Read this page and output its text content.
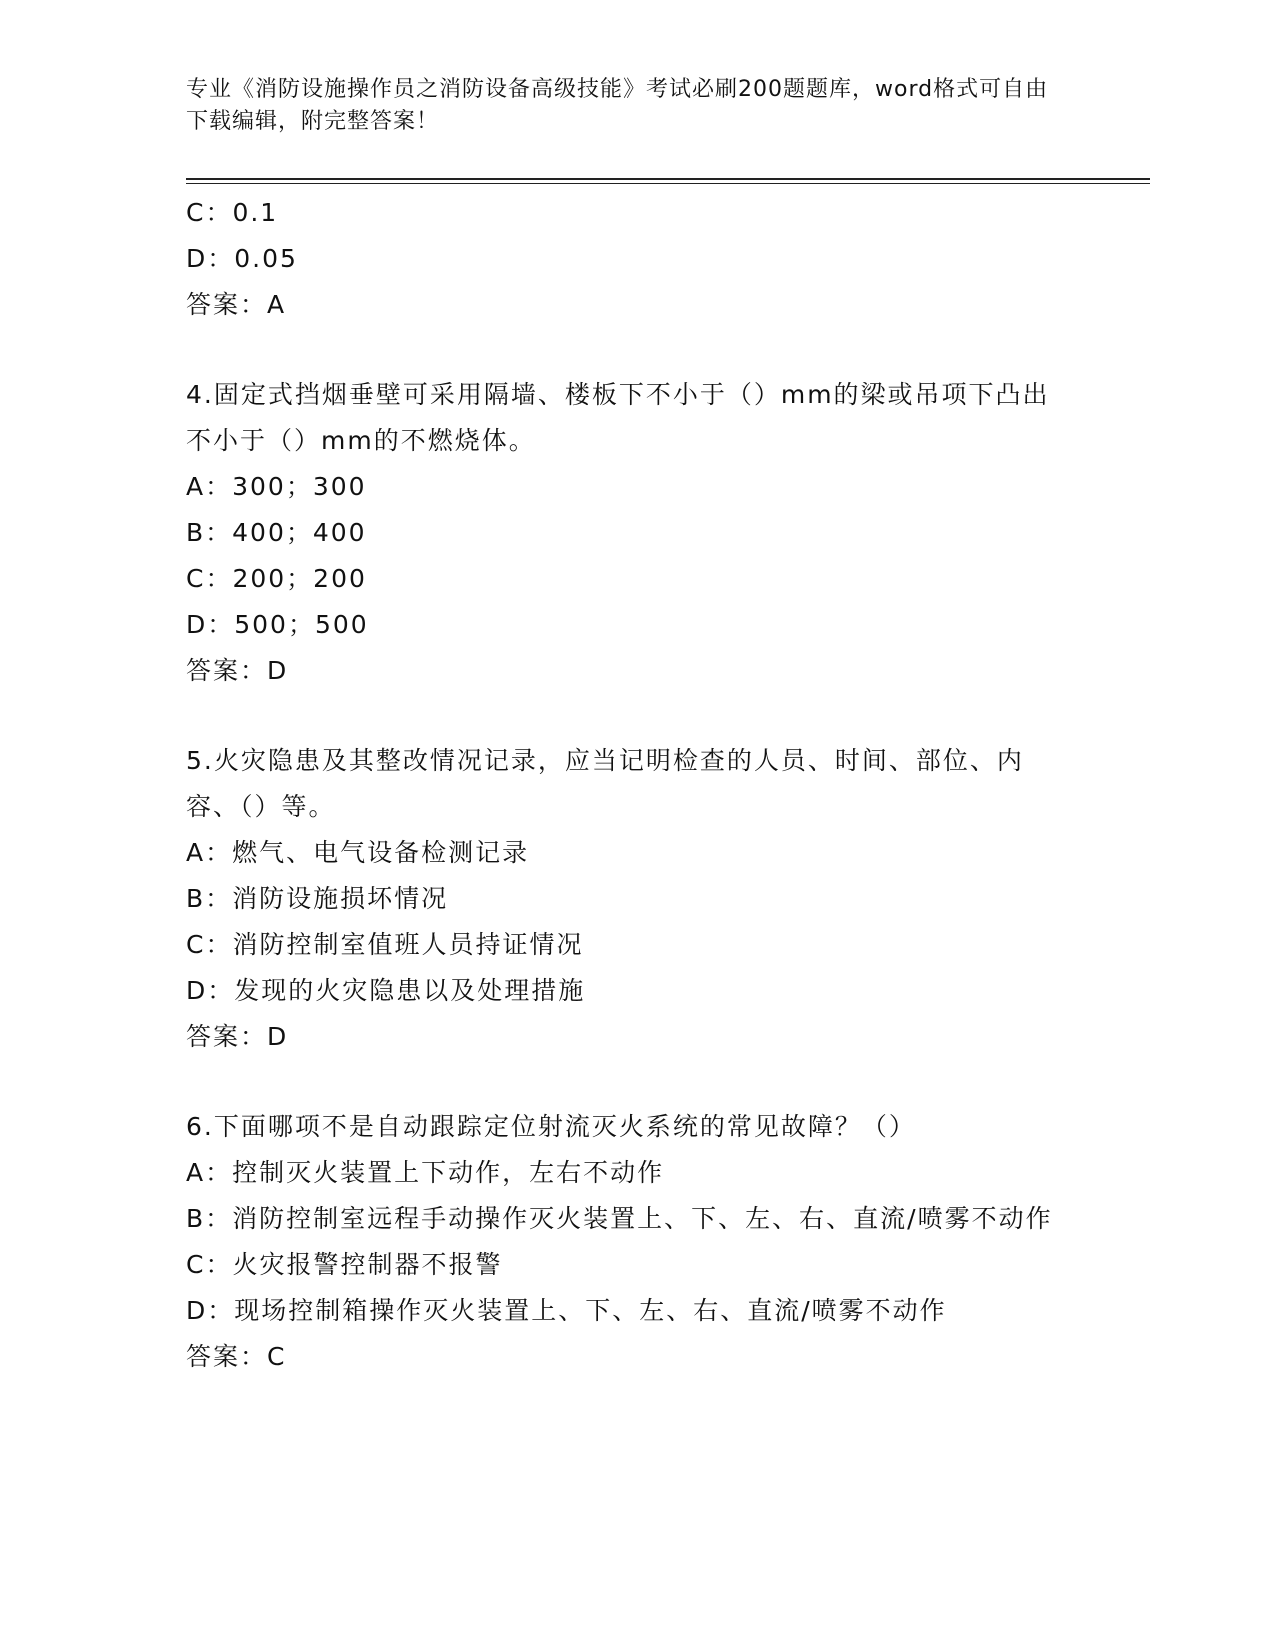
专业《消防设施操作员之消防设备高级技能》考试必刷200题题库，word格式可自由下载编辑，附完整答案！
C：0.1
D：0.05
答案：A
4.固定式挡烟垂壁可采用隔墙、楼板下不小于（）mm的梁或吊项下凸出不小于（）mm的不燃烧体。
A：300；300
B：400；400
C：200；200
D：500；500
答案：D
5.火灾隐患及其整改情况记录，应当记明检查的人员、时间、部位、内容、（）等。
A：燃气、电气设备检测记录
B：消防设施损坏情况
C：消防控制室值班人员持证情况
D：发现的火灾隐患以及处理措施
答案：D
6.下面哪项不是自动跟踪定位射流灭火系统的常见故障？（）
A：控制灭火装置上下动作，左右不动作
B：消防控制室远程手动操作灭火装置上、下、左、右、直流/喷雾不动作
C：火灾报警控制器不报警
D：现场控制箱操作灭火装置上、下、左、右、直流/喷雾不动作
答案：C
